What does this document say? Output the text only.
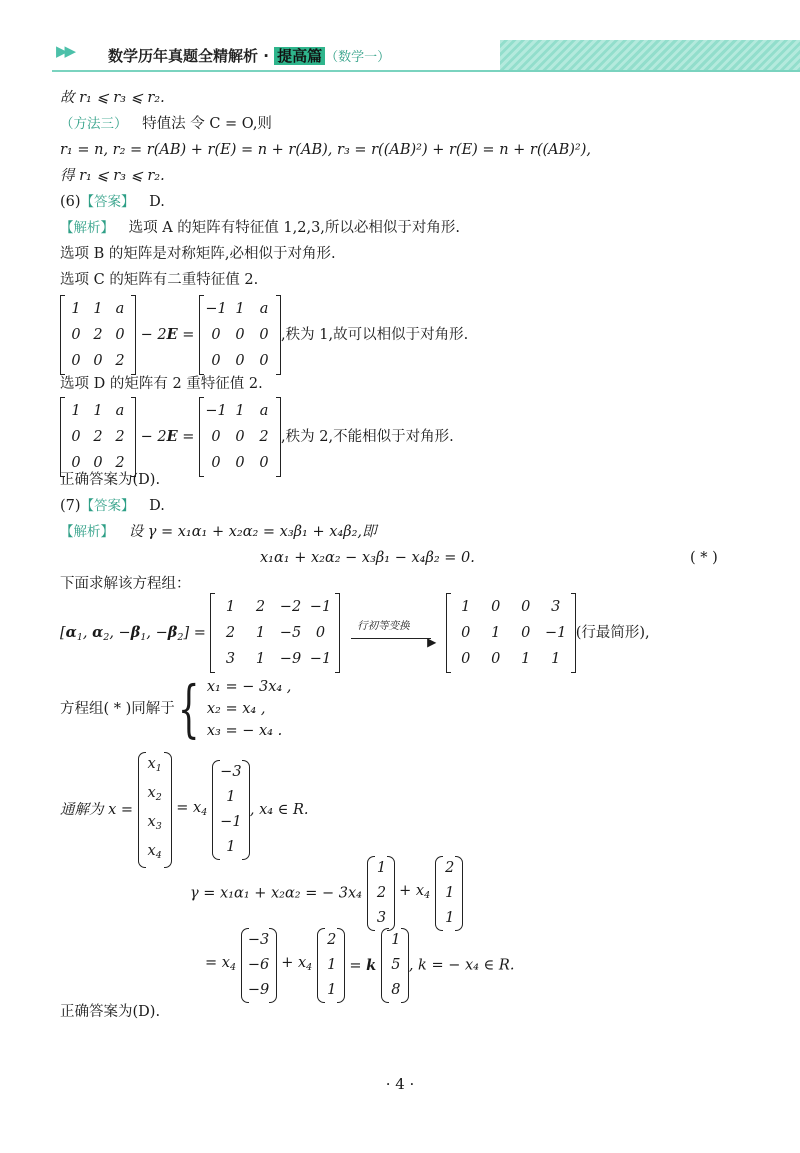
▶▶ 数学历年真题全精解析 · 提高篇 （数学一）
故 r₁ ⩽ r₃ ⩽ r₂.
（方法三） 特值法 令 C = O,则
r₁ = n, r₂ = r(AB) + r(E) = n + r(AB), r₃ = r((AB)²) + r(E) = n + r((AB)²),
得 r₁ ⩽ r₃ ⩽ r₂.
(6)【答案】 D.
【解析】 选项 A 的矩阵有特征值 1,2,3,所以必相似于对角形.
选项 B 的矩阵是对称矩阵,必相似于对角形.
选项 C 的矩阵有二重特征值 2.
1 1 a
0 2 0
0 0 2
− 2E =
−1 1	a
0	0	0
0	0	0
,秩为 1,故可以相似于对角形.
选项 D 的矩阵有 2 重特征值 2.
1 1 a
0 2 2
0 0 2
− 2E =
−1 1	a
0	0	2
0	0	0
,秩为 2,不能相似于对角形.
正确答案为(D).
(7)【答案】 D.
【解析】 设 γ = x₁α₁ + x₂α₂ = x₃β₁ + x₄β₂,即
x₁α₁ + x₂α₂ − x₃β₁ − x₄β₂ = 0.	( * )
下面求解该方程组：
[$\alpha_1$, $\alpha_2$, $-\beta_1$, $-\beta_2$] =
1	2	−2 −1
2	1	−5	0
3	1	−9 −1

行初等变换
▶

1	0	0	3
0	1	0	−1
0	0	1	1
(行最简形),
方程组( * )同解于{ x₁ = − 3x₄ ,
x₂ = x₄ ,
x₃ = − x₄ .
通解为 x =
$x_1$
$x_2$
$x_3$
$x_4$
= $x_4$
−3
1
−1
1
, x₄ ∈ R.
γ = x₁α₁ + x₂α₂ = − 3x₄
1
2
3
+ $x_4$
2
1
1
= $x_4$
−3
−6
−9
+ $x_4$
2
1
1
= k
1
5
8
, k = − x₄ ∈ R.
正确答案为(D).
· 4 ·
